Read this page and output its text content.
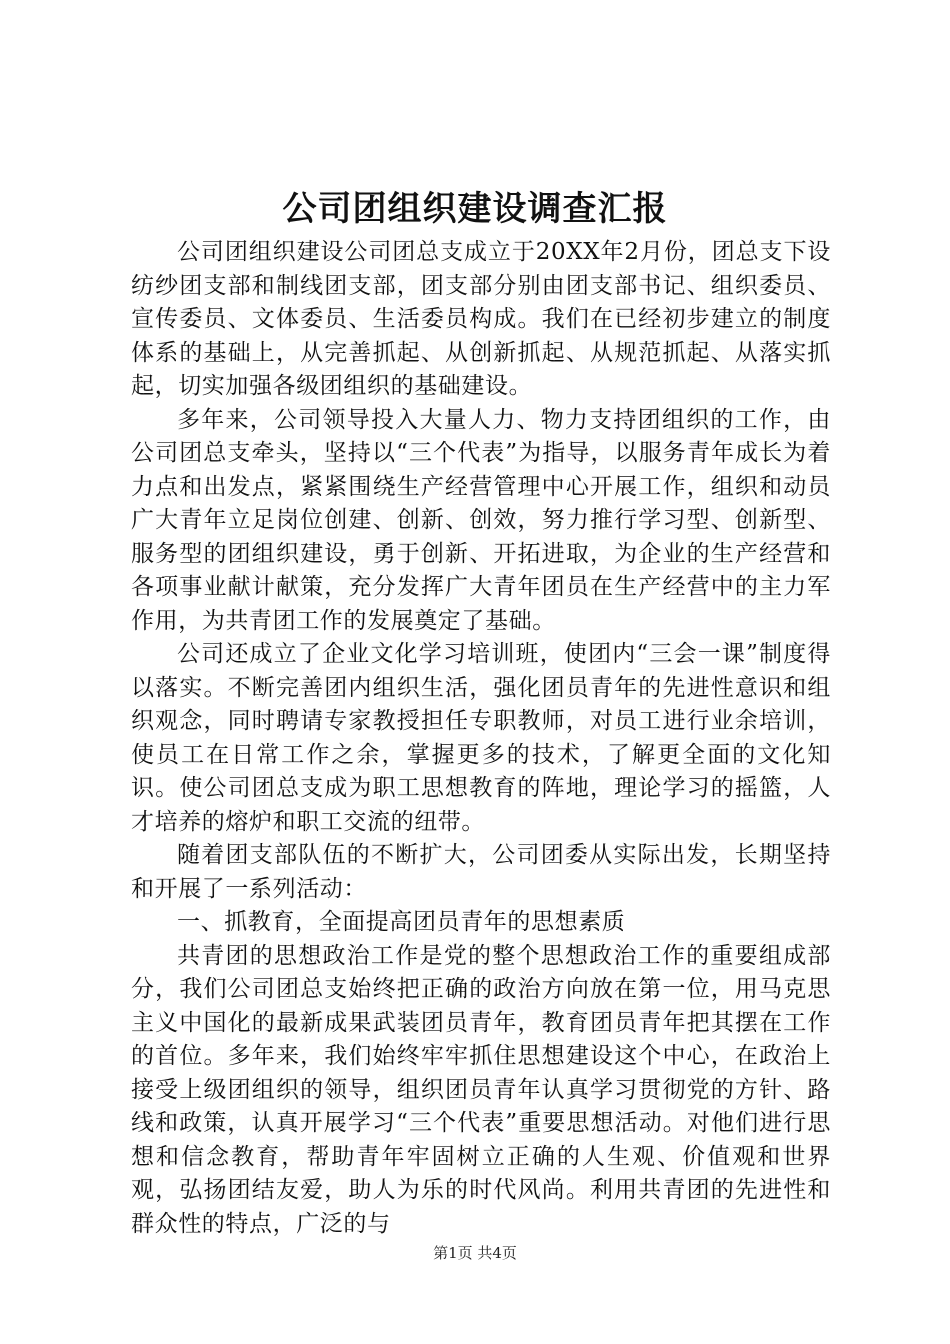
公司团组织建设调查汇报

公司团组织建设公司团总支成立于20XX年2月份，团总支下设纺纱团支部和制线团支部，团支部分别由团支部书记、组织委员、宣传委员、文体委员、生活委员构成。我们在已经初步建立的制度体系的基础上，从完善抓起、从创新抓起、从规范抓起、从落实抓起，切实加强各级团组织的基础建设。

多年来，公司领导投入大量人力、物力支持团组织的工作，由公司团总支牵头，坚持以“三个代表”为指导，以服务青年成长为着力点和出发点，紧紧围绕生产经营管理中心开展工作，组织和动员广大青年立足岗位创建、创新、创效，努力推行学习型、创新型、服务型的团组织建设，勇于创新、开拓进取，为企业的生产经营和各项事业献计献策，充分发挥广大青年团员在生产经营中的主力军作用，为共青团工作的发展奠定了基础。

公司还成立了企业文化学习培训班，使团内“三会一课”制度得以落实。不断完善团内组织生活，强化团员青年的先进性意识和组织观念，同时聘请专家教授担任专职教师，对员工进行业余培训，使员工在日常工作之余，掌握更多的技术，了解更全面的文化知识。使公司团总支成为职工思想教育的阵地，理论学习的摇篮，人才培养的熔炉和职工交流的纽带。

随着团支部队伍的不断扩大，公司团委从实际出发，长期坚持和开展了一系列活动：

一、抓教育，全面提高团员青年的思想素质

共青团的思想政治工作是党的整个思想政治工作的重要组成部分，我们公司团总支始终把正确的政治方向放在第一位，用马克思主义中国化的最新成果武装团员青年，教育团员青年把其摆在工作的首位。多年来，我们始终牢牢抓住思想建设这个中心，在政治上接受上级团组织的领导，组织团员青年认真学习贯彻党的方针、路线和政策，认真开展学习“三个代表”重要思想活动。对他们进行思想和信念教育，帮助青年牢固树立正确的人生观、价值观和世界观，弘扬团结友爱，助人为乐的时代风尚。利用共青团的先进性和群众性的特点，广泛的与

第1页 共4页
